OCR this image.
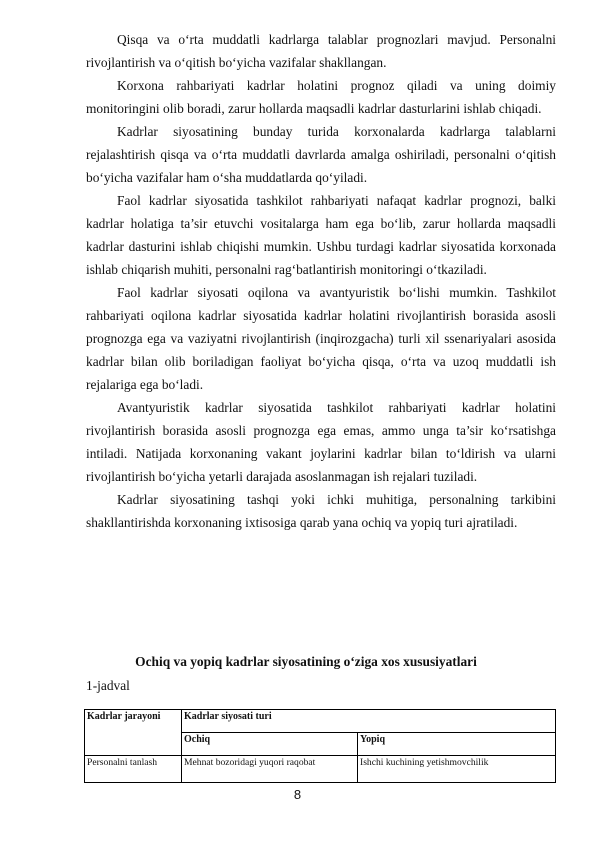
Qisqa va o‘rta muddatli kadrlarga talablar prognozlari mavjud. Personalni rivojlantirish va o‘qitish bo‘yicha vazifalar shakllangan.

Korxona rahbariyati kadrlar holatini prognoz qiladi va uning doimiy monitoringini olib boradi, zarur hollarda maqsadli kadrlar dasturlarini ishlab chiqadi.

Kadrlar siyosatining bunday turida korxonalarda kadrlarga talablarni rejalashtirish qisqa va o‘rta muddatli davrlarda amalga oshiriladi, personalni o‘qitish bo‘yicha vazifalar ham o‘sha muddatlarda qo‘yiladi.

Faol kadrlar siyosatida tashkilot rahbariyati nafaqat kadrlar prognozi, balki kadrlar holatiga ta’sir etuvchi vositalarga ham ega bo‘lib, zarur hollarda maqsadli kadrlar dasturini ishlab chiqishi mumkin. Ushbu turdagi kadrlar siyosatida korxonada ishlab chiqarish muhiti, personalni rag‘batlantirish monitoringi o‘tkaziladi.

Faol kadrlar siyosati oqilona va avantyuristik bo‘lishi mumkin. Tashkilot rahbariyati oqilona kadrlar siyosatida kadrlar holatini rivojlantirish borasida asosli prognozga ega va vaziyatni rivojlantirish (inqirozgacha) turli xil ssenariyalari asosida kadrlar bilan olib boriladigan faoliyat bo‘yicha qisqa, o‘rta va uzoq muddatli ish rejalariga ega bo‘ladi.

Avantyuristik kadrlar siyosatida tashkilot rahbariyati kadrlar holatini rivojlantirish borasida asosli prognozga ega emas, ammo unga ta’sir ko‘rsatishga intiladi. Natijada korxonaning vakant joylarini kadrlar bilan to‘ldirish va ularni rivojlantirish bo‘yicha yetarli darajada asoslanmagan ish rejalari tuziladi.

Kadrlar siyosatining tashqi yoki ichki muhitiga, personalning tarkibini shakllantirishda korxonaning ixtisosiga qarab yana ochiq va yopiq turi ajratiladi.

Ochiq va yopiq kadrlar siyosatining o‘ziga xos xususiyatlari

1-jadval

Kadrlar jarayoni	Kadrlar siyosati turi	
	Ochiq	Yopiq
Personalni tanlash	Mehnat bozoridagi yuqori raqobat	Ishchi kuchining yetishmovchilik

8
